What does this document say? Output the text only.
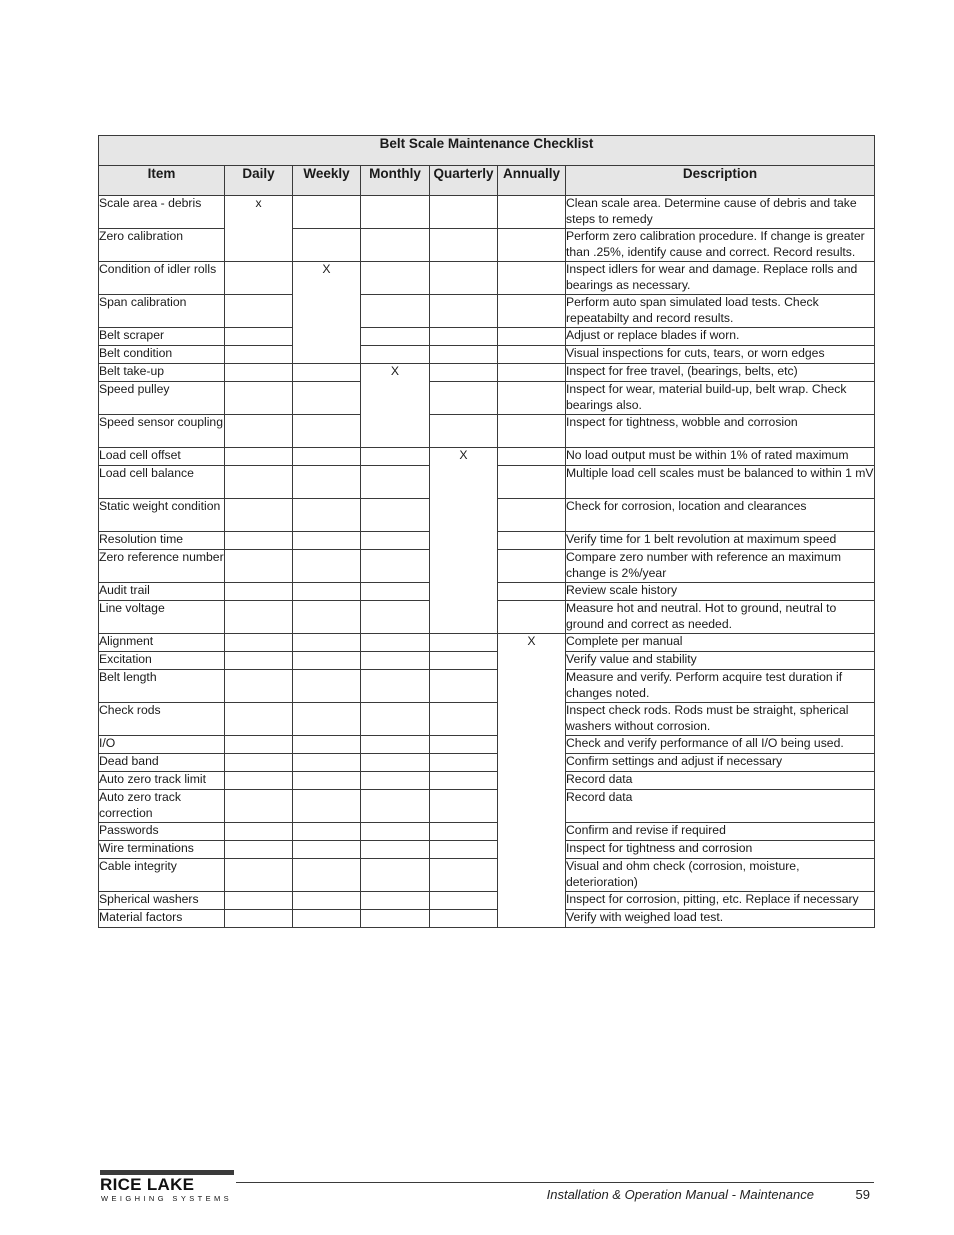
Belt Scale Maintenance Checklist						
Item	Daily	Weekly	Monthly	Quarterly	Annually	Description
Scale area - debris	x					Clean scale area. Determine cause of debris and take steps to remedy
Zero calibration						Perform zero calibration procedure. If change is greater than .25%, identify cause and correct. Record results.
Condition of idler rolls		X				Inspect idlers for wear and damage. Replace rolls and bearings as necessary.
Span calibration						Perform auto span simulated load tests. Check repeatabilty and record results.
Belt scraper						Adjust or replace blades if worn.
Belt condition						Visual inspections for cuts, tears, or worn edges
Belt take-up			X			Inspect for free travel, (bearings, belts, etc)
Speed pulley						Inspect for wear, material build-up, belt wrap. Check bearings also.
Speed sensor coupling						Inspect for tightness, wobble and corrosion
Load cell offset				X		No load output must be within 1% of rated maximum
Load cell balance						Multiple load cell scales must be balanced to within 1 mV
Static weight condition						Check for corrosion, location and clearances
Resolution time						Verify time for 1 belt revolution at maximum speed
Zero reference number						Compare zero number with reference an maximum change is 2%/year
Audit trail						Review scale history
Line voltage						Measure hot and neutral. Hot to ground, neutral to ground and correct as needed.
Alignment					X	Complete per manual
Excitation						Verify value and stability
Belt length						Measure and verify. Perform acquire test duration if changes noted.
Check rods						Inspect check rods. Rods must be straight, spherical washers without corrosion.
I/O						Check and verify performance of all I/O being used.
Dead band						Confirm settings and adjust if necessary
Auto zero track limit						Record data
Auto zero track correction						Record data
Passwords						Confirm and revise if required
Wire terminations						Inspect for tightness and corrosion
Cable integrity						Visual and ohm check (corrosion, moisture, deterioration)
Spherical washers						Inspect for corrosion, pitting, etc. Replace if necessary
Material factors						Verify with weighed load test.
RICE LAKE
WEIGHING SYSTEMS	Installation & Operation Manual - Maintenance	59
